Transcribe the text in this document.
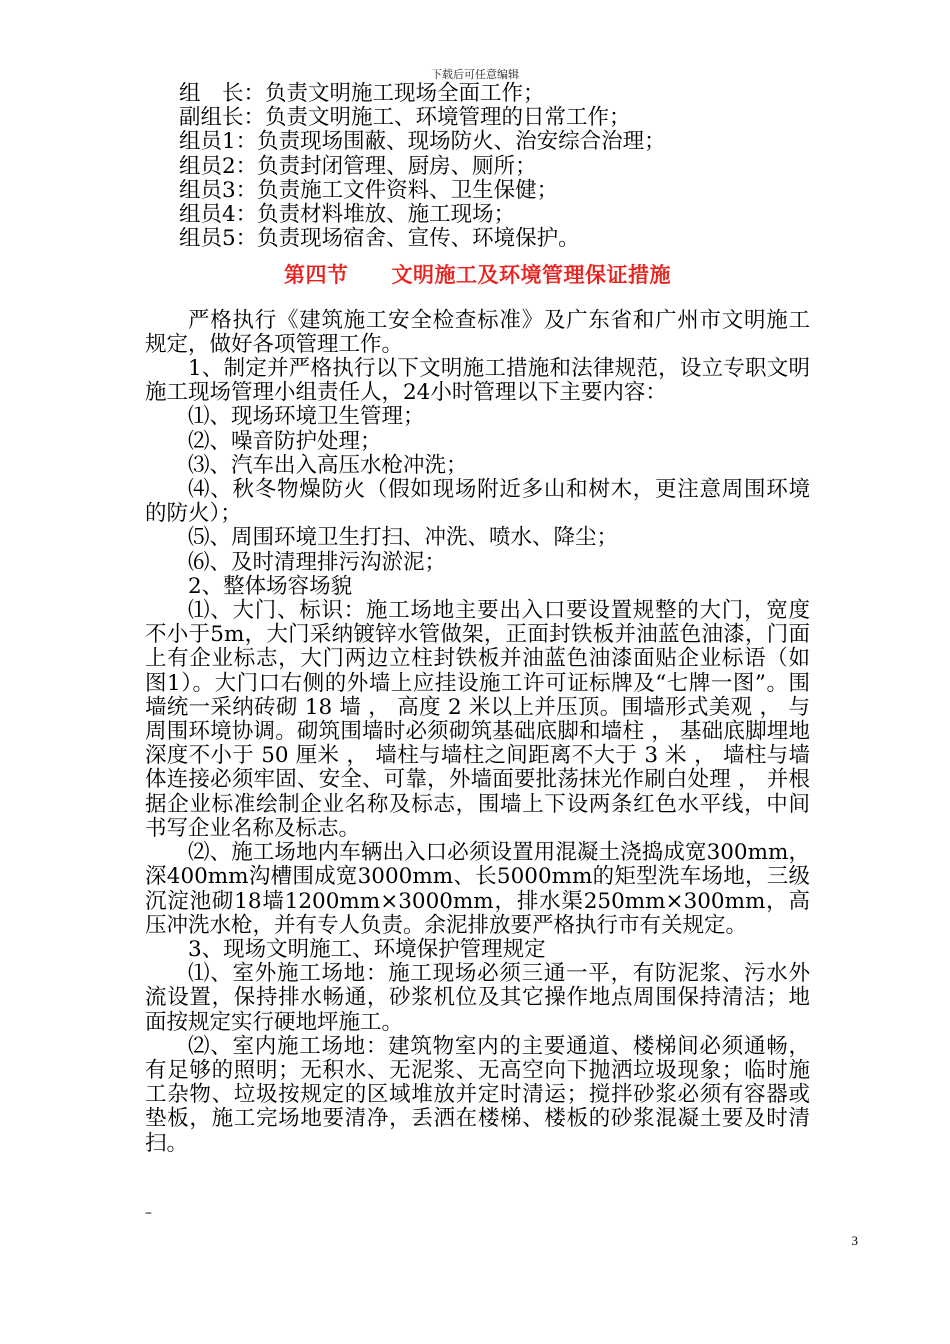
下载后可任意编辑

组　长：负责文明施工现场全面工作；

副组长：负责文明施工、环境管理的日常工作；

组员1：负责现场围蔽、现场防火、治安综合治理；

组员2：负责封闭管理、厨房、厕所；

组员3：负责施工文件资料、卫生保健；

组员4：负责材料堆放、施工现场；

组员5：负责现场宿舍、宣传、环境保护。

第四节　　文明施工及环境管理保证措施

严格执行《建筑施工安全检查标准》及广东省和广州市文明施工规定，做好各项管理工作。

1、制定并严格执行以下文明施工措施和法律规范，设立专职文明施工现场管理小组责任人，24小时管理以下主要内容：

⑴、现场环境卫生管理；

⑵、噪音防护处理；

⑶、汽车出入高压水枪冲洗；

⑷、秋冬物燥防火（假如现场附近多山和树木，更注意周围环境的防火）；

⑸、周围环境卫生打扫、冲洗、喷水、降尘；

⑹、及时清理排污沟淤泥；

2、整体场容场貌

⑴、大门、标识：施工场地主要出入口要设置规整的大门，宽度不小于5m，大门采纳镀锌水管做架，正面封铁板并油蓝色油漆，门面上有企业标志，大门两边立柱封铁板并油蓝色油漆面贴企业标语（如图1）。大门口右侧的外墙上应挂设施工许可证标牌及“七牌一图”。围墙统一采纳砖砌 18 墙 ， 高度 2 米以上并压顶。围墙形式美观 ， 与周围环境协调。砌筑围墙时必须砌筑基础底脚和墙柱 ， 基础底脚埋地深度不小于 50 厘米 ， 墙柱与墙柱之间距离不大于 3 米 ， 墙柱与墙体连接必须牢固、安全、可靠，外墙面要批荡抹光作刷白处理 ， 并根据企业标准绘制企业名称及标志，围墙上下设两条红色水平线，中间书写企业名称及标志。

⑵、施工场地内车辆出入口必须设置用混凝土浇捣成宽300mm，深400mm沟槽围成宽3000mm、长5000mm的矩型洗车场地，三级沉淀池砌18墙1200mm×3000mm，排水渠250mm×300mm，高压冲洗水枪，并有专人负责。余泥排放要严格执行市有关规定。

3、现场文明施工、环境保护管理规定

⑴、室外施工场地：施工现场必须三通一平，有防泥浆、污水外流设置，保持排水畅通，砂浆机位及其它操作地点周围保持清洁；地面按规定实行硬地坪施工。

⑵、室内施工场地：建筑物室内的主要通道、楼梯间必须通畅，有足够的照明；无积水、无泥浆、无高空向下抛洒垃圾现象；临时施工杂物、垃圾按规定的区域堆放并定时清运；搅拌砂浆必须有容器或垫板，施工完场地要清净，丢洒在楼梯、楼板的砂浆混凝土要及时清扫。

–
3
